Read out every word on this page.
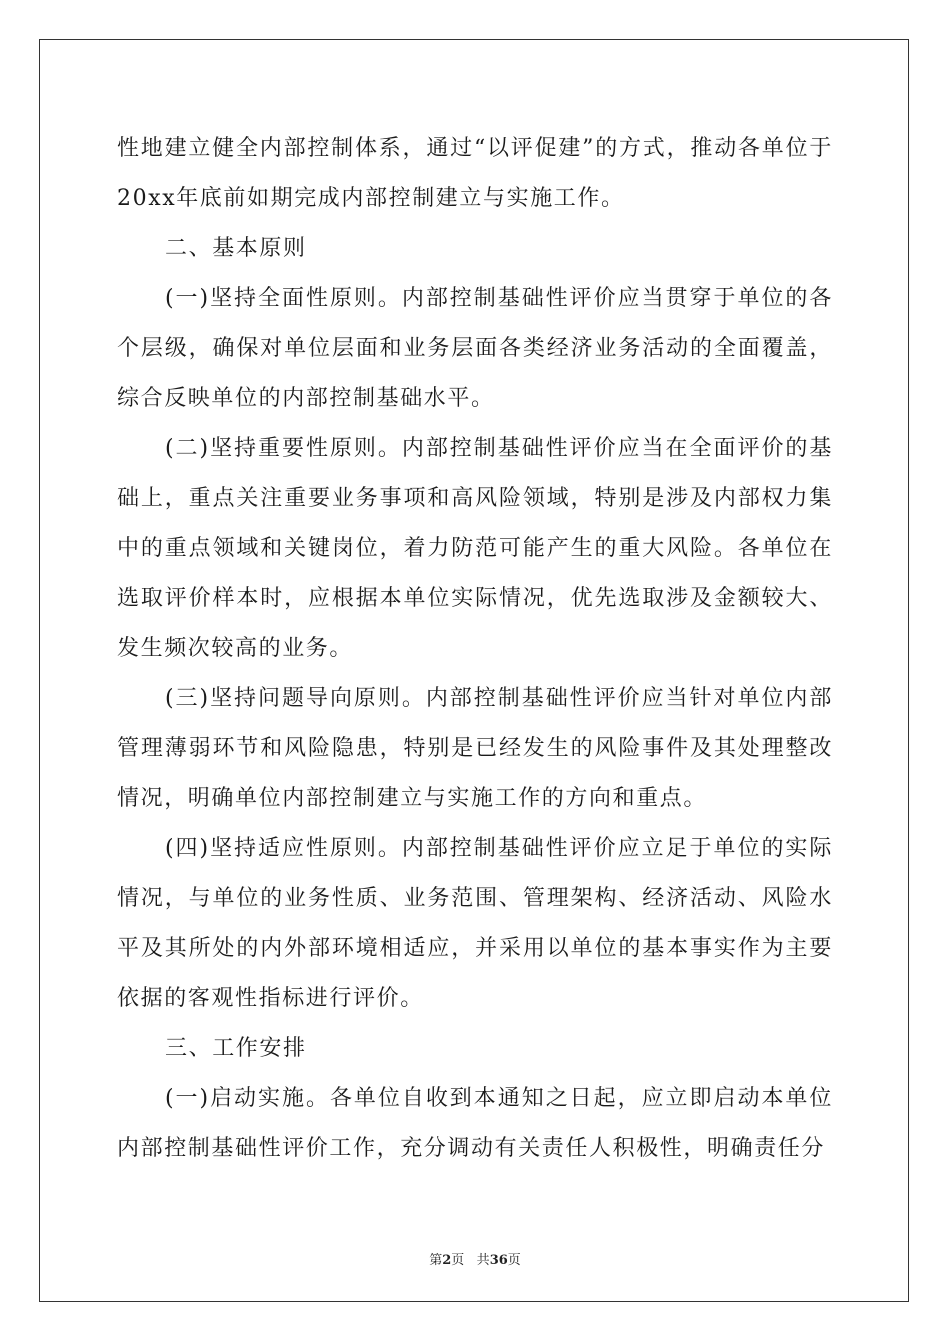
性地建立健全内部控制体系，通过“以评促建”的方式，推动各单位于20xx年底前如期完成内部控制建立与实施工作。

二、基本原则

(一)坚持全面性原则。内部控制基础性评价应当贯穿于单位的各个层级，确保对单位层面和业务层面各类经济业务活动的全面覆盖，综合反映单位的内部控制基础水平。

(二)坚持重要性原则。内部控制基础性评价应当在全面评价的基础上，重点关注重要业务事项和高风险领域，特别是涉及内部权力集中的重点领域和关键岗位，着力防范可能产生的重大风险。各单位在选取评价样本时，应根据本单位实际情况，优先选取涉及金额较大、发生频次较高的业务。

(三)坚持问题导向原则。内部控制基础性评价应当针对单位内部管理薄弱环节和风险隐患，特别是已经发生的风险事件及其处理整改情况，明确单位内部控制建立与实施工作的方向和重点。

(四)坚持适应性原则。内部控制基础性评价应立足于单位的实际情况，与单位的业务性质、业务范围、管理架构、经济活动、风险水平及其所处的内外部环境相适应，并采用以单位的基本事实作为主要依据的客观性指标进行评价。

三、工作安排

(一)启动实施。各单位自收到本通知之日起，应立即启动本单位内部控制基础性评价工作，充分调动有关责任人积极性，明确责任分

第2页 共36页
